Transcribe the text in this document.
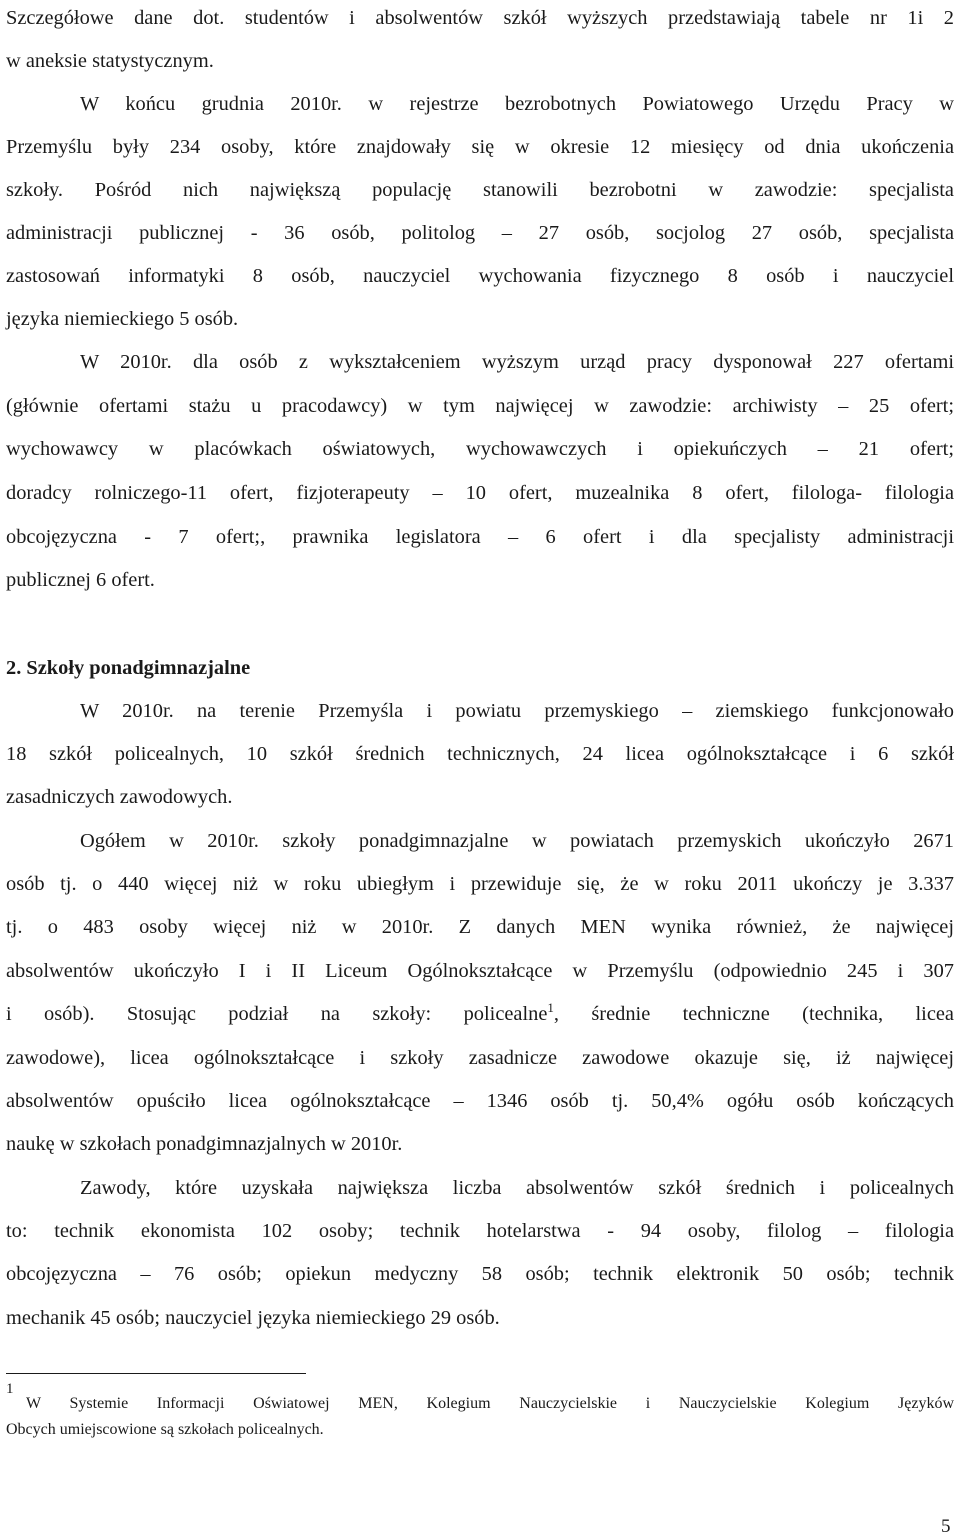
Szczegółowe dane dot. studentów i absolwentów szkół wyższych przedstawiają tabele nr 1i 2
w aneksie statystycznym.
W końcu grudnia 2010r. w rejestrze bezrobotnych Powiatowego Urzędu Pracy w
Przemyślu były 234 osoby, które znajdowały się w okresie 12 miesięcy od dnia ukończenia
szkoły. Pośród nich największą populację stanowili bezrobotni w zawodzie: specjalista
administracji publicznej - 36 osób, politolog – 27 osób, socjolog 27 osób, specjalista
zastosowań informatyki 8 osób, nauczyciel wychowania fizycznego 8 osób i nauczyciel
języka niemieckiego 5 osób.
W 2010r. dla osób z wykształceniem wyższym urząd pracy dysponował 227 ofertami
(głównie ofertami stażu u pracodawcy) w tym najwięcej w zawodzie: archiwisty – 25 ofert;
wychowawcy w placówkach oświatowych, wychowawczych i opiekuńczych – 21 ofert;
doradcy rolniczego-11 ofert, fizjoterapeuty – 10 ofert, muzealnika 8 ofert, filologa- filologia
obcojęzyczna - 7 ofert;, prawnika legislatora – 6 ofert i dla specjalisty administracji
publicznej 6 ofert.
2. Szkoły ponadgimnazjalne
W 2010r. na terenie Przemyśla i powiatu przemyskiego – ziemskiego funkcjonowało
18 szkół policealnych, 10 szkół średnich technicznych, 24 licea ogólnokształcące i 6 szkół
zasadniczych zawodowych.
Ogółem w 2010r. szkoły ponadgimnazjalne w powiatach przemyskich ukończyło 2671
osób tj. o 440 więcej niż w roku ubiegłym i przewiduje się, że w roku 2011 ukończy je 3.337
tj. o 483 osoby więcej niż w 2010r. Z danych MEN wynika również, że najwięcej
absolwentów ukończyło I i II Liceum Ogólnokształcące w Przemyślu (odpowiednio 245 i 307
i osób). Stosując podział na szkoły: policealne$^1$, średnie techniczne (technika, licea
zawodowe), licea ogólnokształcące i szkoły zasadnicze zawodowe okazuje się, iż najwięcej
absolwentów opuściło licea ogólnokształcące – 1346 osób tj. 50,4% ogółu osób kończących
naukę w szkołach ponadgimnazjalnych w 2010r.
Zawody, które uzyskała największa liczba absolwentów szkół średnich i policealnych
to: technik ekonomista 102 osoby; technik hotelarstwa - 94 osoby, filolog – filologia
obcojęzyczna – 76 osób; opiekun medyczny 58 osób; technik elektronik 50 osób; technik
mechanik 45 osób; nauczyciel języka niemieckiego 29 osób.
1
W Systemie Informacji Oświatowej MEN, Kolegium Nauczycielskie i Nauczycielskie Kolegium Języków
Obcych umiejscowione są szkołach policealnych.
5
